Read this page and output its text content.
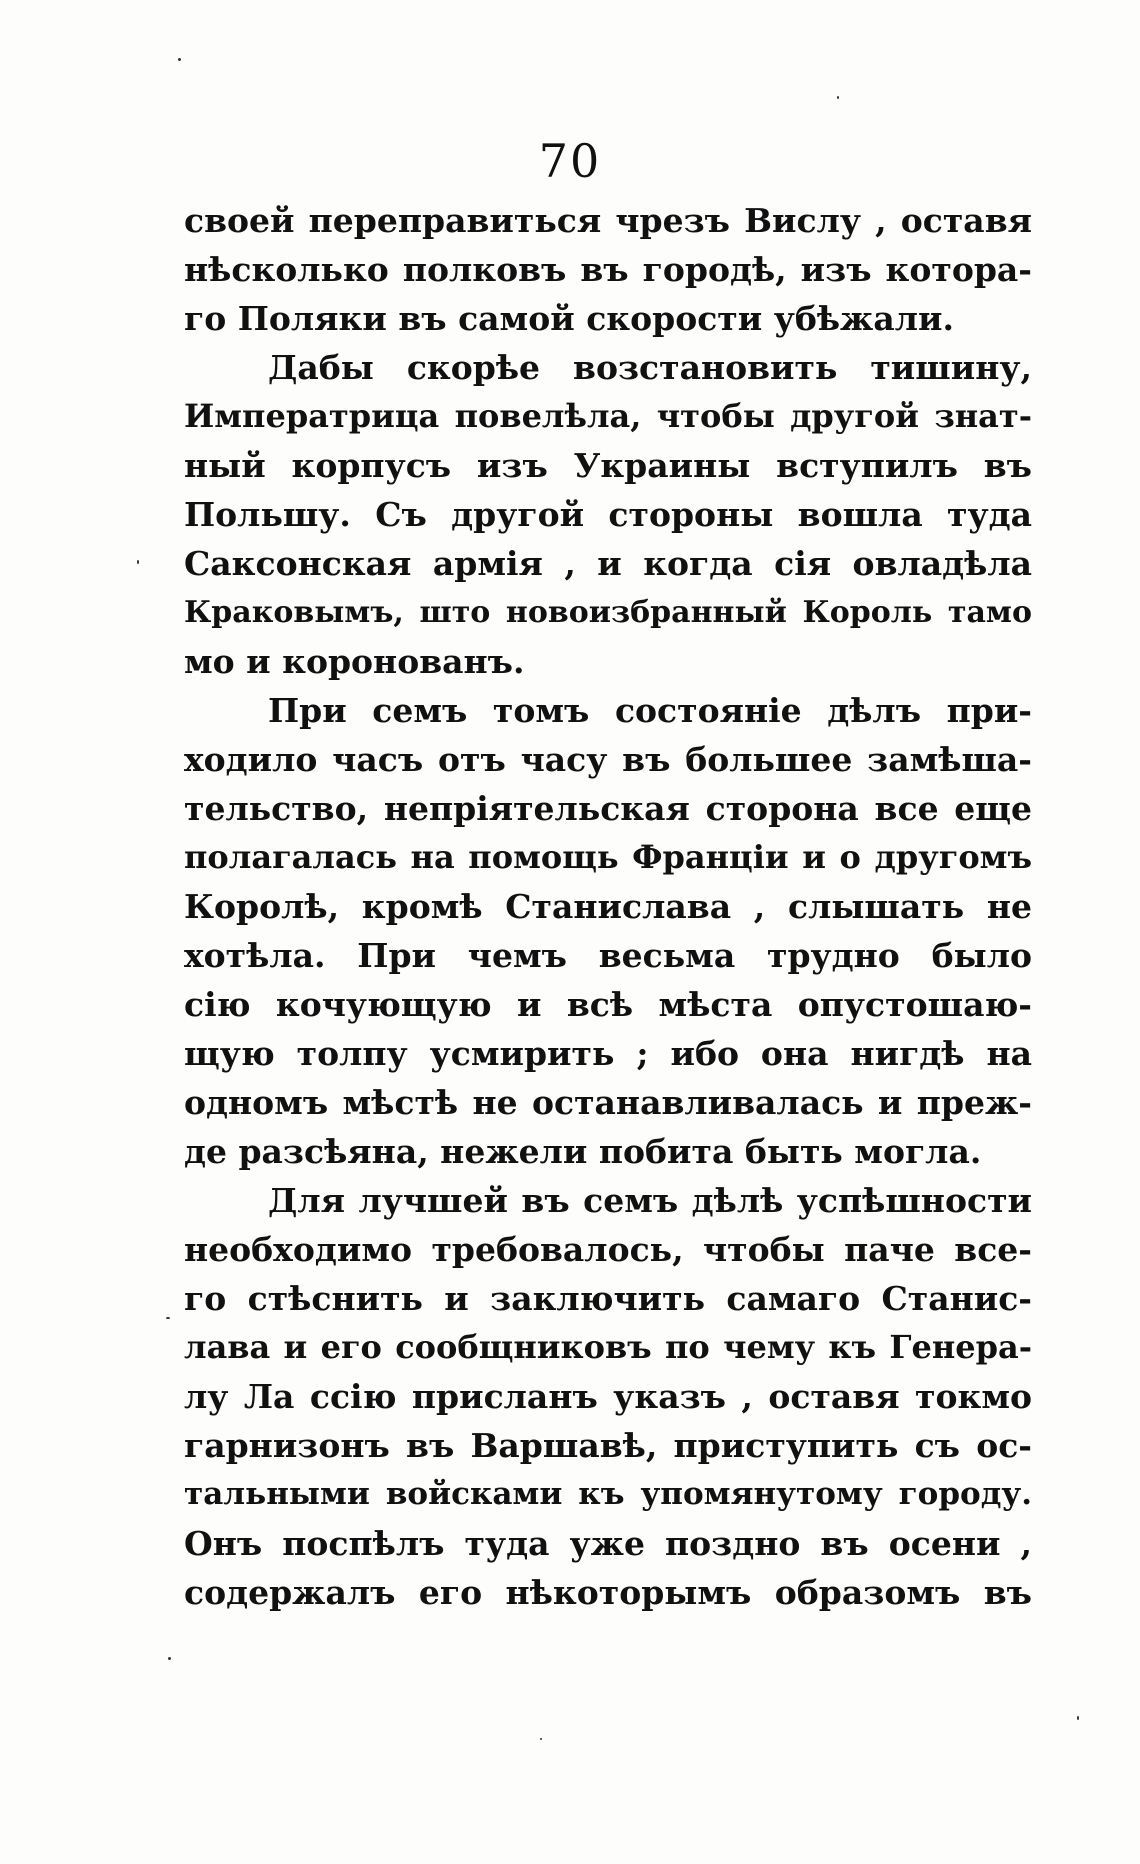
70
своей переправиться чрезъ Вислу , оставя
нѣсколько полковъ въ городѣ, изъ котора-
го Поляки въ самой скорости убѣжали.
Дабы скорѣе возстановить тишину,
Императрица повелѣла, чтобы другой знат-
ный корпусъ изъ Украины вступилъ въ
Польшу. Съ другой стороны вошла туда
Саксонская армія , и когда сія овладѣла
Краковымъ, што новоизбранный Король тамо
мо и коронованъ.
При семъ томъ состояніе дѣлъ при-
ходило часъ отъ часу въ большее замѣша-
тельство, непріятельская сторона все еще
полагалась на помощь Франціи и о другомъ
Королѣ, кромѣ Станислава , слышать не
хотѣла. При чемъ весьма трудно было
сію кочующую и всѣ мѣста опустошаю-
щую толпу усмирить ; ибо она нигдѣ на
одномъ мѣстѣ не останавливалась и преж-
де разсѣяна, нежели побита быть могла.
Для лучшей въ семъ дѣлѣ успѣшности
необходимо требовалось, чтобы паче все-
го стѣснить и заключить самаго Станис-
лава и его сообщниковъ по чему къ Генера-
лу Ла ссію присланъ указъ , оставя токмо
гарнизонъ въ Варшавѣ, приступить съ ос-
тальными войсками къ упомянутому городу.
Онъ поспѣлъ туда уже поздно въ осени ,
содержалъ его нѣкоторымъ образомъ въ
